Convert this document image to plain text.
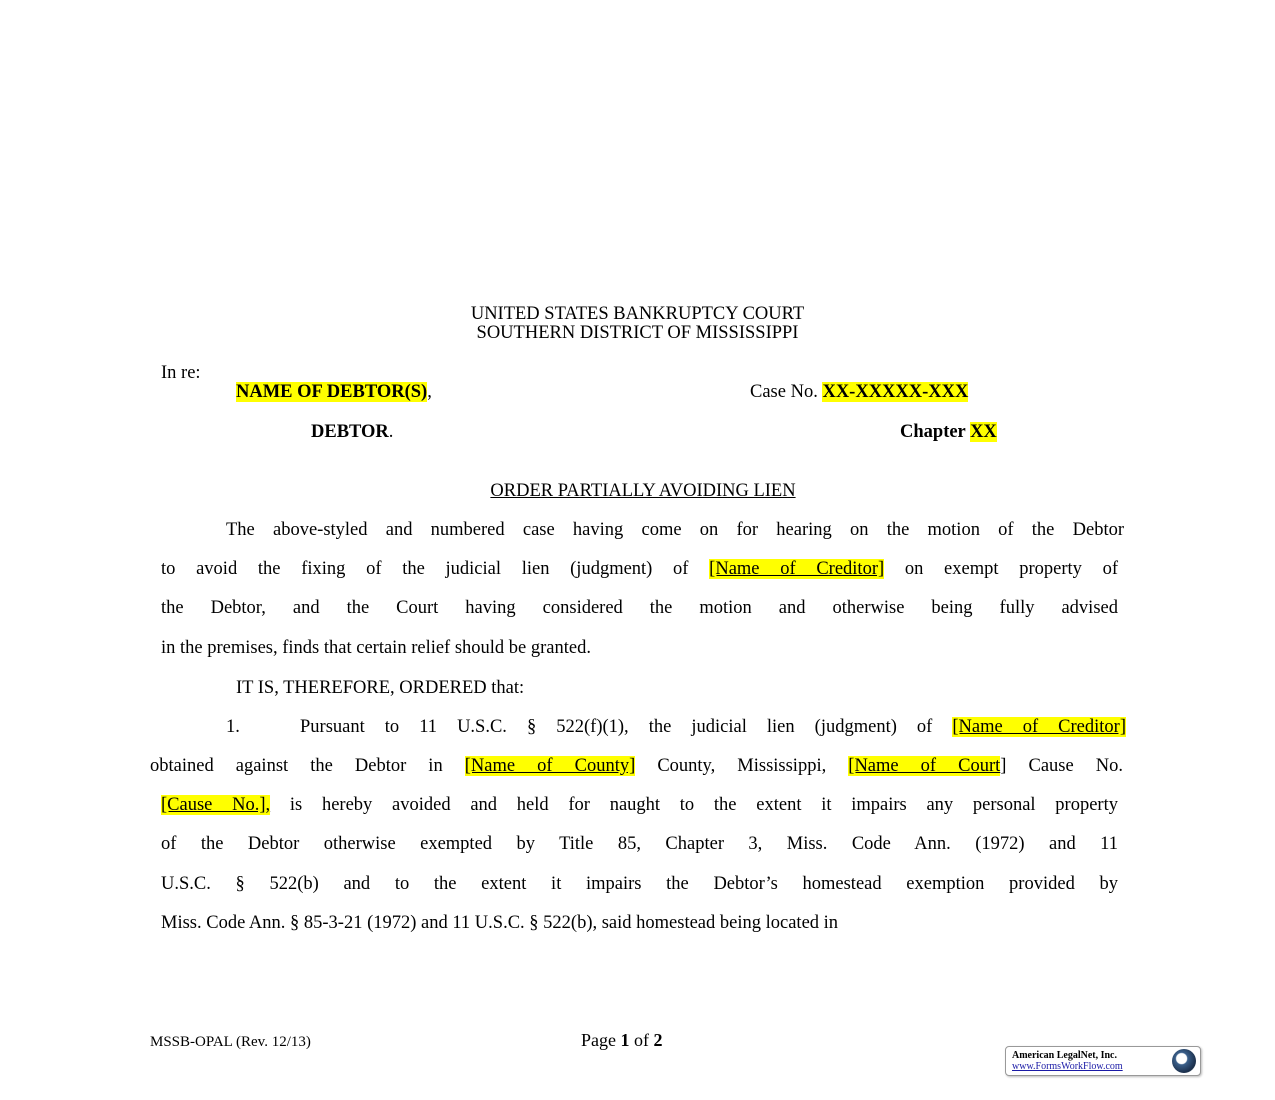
UNITED STATES BANKRUPTCY COURT
SOUTHERN DISTRICT OF MISSISSIPPI
In re:
NAME OF DEBTOR(S),	Case No. XX-XXXXX-XXX
DEBTOR.	Chapter XX
ORDER PARTIALLY AVOIDING LIEN
The above-styled and numbered case having come on for hearing on the motion of the Debtor
to avoid the fixing of the judicial lien (judgment) of [Name of Creditor] on exempt property of
the Debtor, and the Court having considered the motion and otherwise being fully advised
in the premises, finds that certain relief should be granted.
IT IS, THEREFORE, ORDERED that:
1.	Pursuant to 11 U.S.C. § 522(f)(1), the judicial lien (judgment) of [Name of Creditor]
obtained against the Debtor in [Name of County] County, Mississippi, [Name of Court] Cause No.
[Cause No.], is hereby avoided and held for naught to the extent it impairs any personal property
of the Debtor otherwise exempted by Title 85, Chapter 3, Miss. Code Ann. (1972) and 11
U.S.C. § 522(b) and to the extent it impairs the Debtor’s homestead exemption provided by
Miss. Code Ann. § 85-3-21 (1972) and 11 U.S.C. § 522(b), said homestead being located in
MSSB-OPAL (Rev. 12/13)	Page 1 of 2
American LegalNet, Inc.
www.FormsWorkFlow.com
